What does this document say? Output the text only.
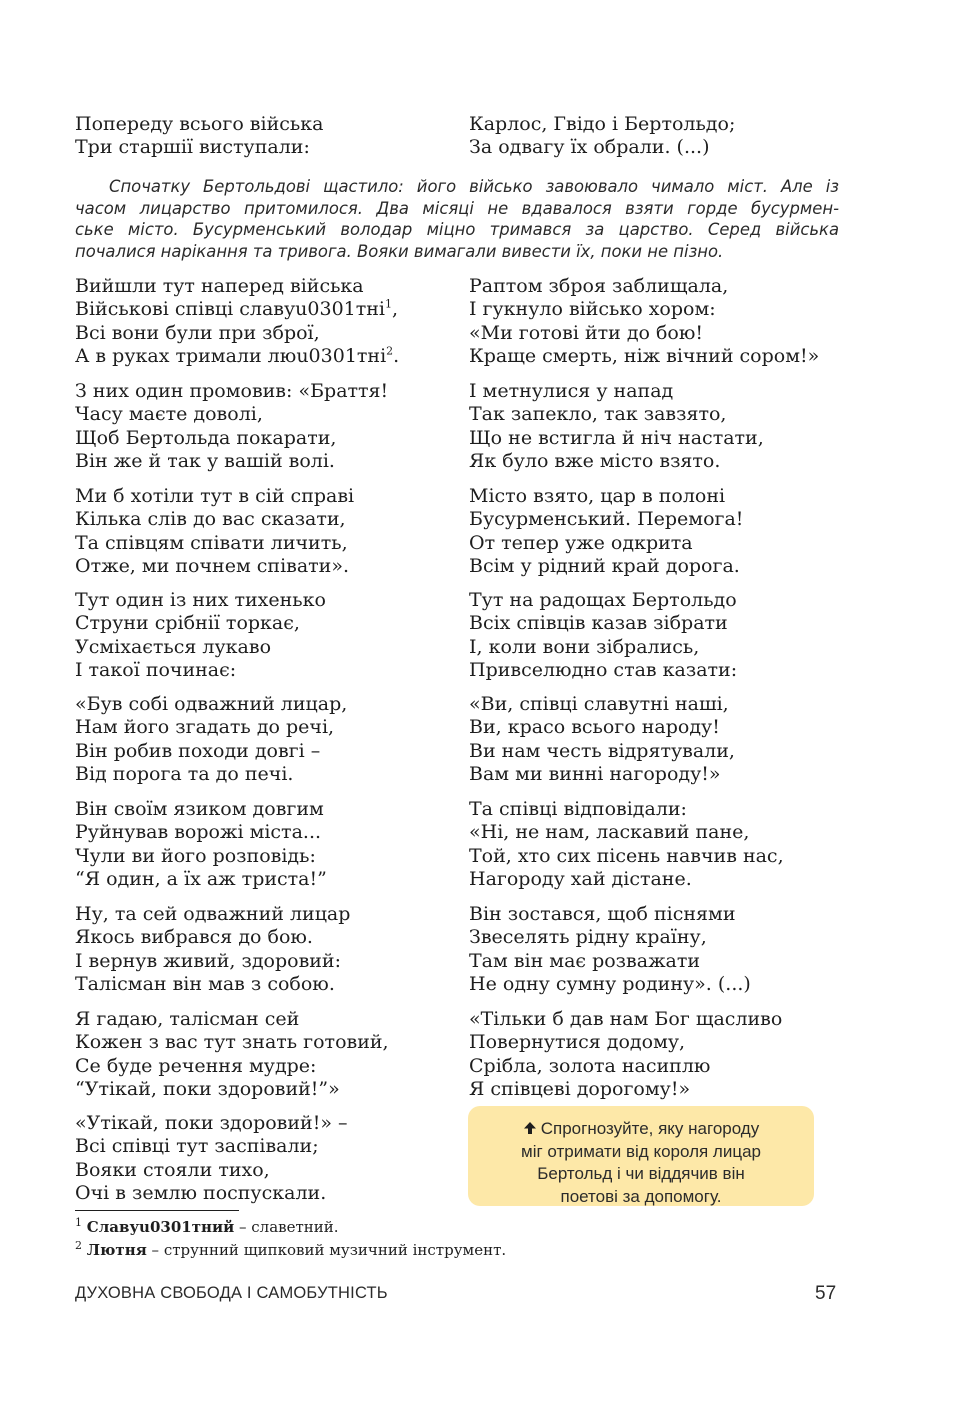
Попереду всього війська
Три старшії виступали:
Карлос, Гвідо і Бертольдо;
За одвагу їх обрали. (...)
Спочатку Бертольдові щастило: його військо завоювало чимало міст. Але із
часом лицарство притомилося. Два місяці не вдавалося взяти горде бусурмен-
ське місто. Бусурменський володар міцно тримався за царство. Серед війська
почалися нарікання та тривога. Вояки вимагали вивести їх, поки не пізно.
Вийшли тут наперед війська
Військові співці славу u0301	тні$^1$,
Всі вони були при зброї,
А в руках тримали лю u0301	тні$^2$.
З них один промовив: «Браття!
Часу маєте доволі,
Щоб Бертольда покарати,
Він же й так у вашій волі.
Ми б хотіли тут в сій справі
Кілька слів до вас сказати,
Та співцям співати личить,
Отже, ми почнем співати».
Тут один із них тихенько
Струни срібнії торкає,
Усміхається лукаво
І такої починає:
«Був собі одважний лицар,
Нам його згадать до речі,
Він робив походи довгі –
Від порога та до печі.
Він своїм язиком довгим
Руйнував ворожі міста...
Чули ви його розповідь:
“Я один, а їх аж триста!”
Ну, та сей одважний лицар
Якось вибрався до бою.
І вернув живий, здоровий:
Талісман він мав з собою.
Я гадаю, талісман сей
Кожен з вас тут знать готовий,
Се буде речення мудре:
“Утікай, поки здоровий!”»
«Утікай, поки здоровий!» –
Всі співці тут заспівали;
Вояки стояли тихо,
Очі в землю поспускали.
Раптом зброя заблищала,
І гукнуло військо хором:
«Ми готові йти до бою!
Краще смерть, ніж вічний сором!»
І метнулися у напад
Так запекло, так завзято,
Що не встигла й ніч настати,
Як було вже місто взято.
Місто взято, цар в полоні
Бусурменський. Перемога!
От тепер уже одкрита
Всім у рідний край дорога.
Тут на радощах Бертольдо
Всіх співців казав зібрати
І, коли вони зібрались,
Привселюдно став казати:
«Ви, співці славутні наші,
Ви, красо всього народу!
Ви нам честь відрятували,
Вам ми винні нагороду!»
Та співці відповідали:
«Ні, не нам, ласкавий пане,
Той, хто сих пісень навчив нас,
Нагороду хай дістане.
Він зостався, щоб піснями
Звеселять рідну країну,
Там він має розважати
Не одну сумну родину». (...)
«Тільки б дав нам Бог щасливо
Повернутися додому,
Срібла, золота насиплю
Я співцеві дорогому!»
Спрогнозуйте, яку нагороду
міг отримати від короля лицар
Бертольд і чи віддячив він
поетові за допомогу.
$^1$ Славу u0301	тний – славетний.
$^2$ Лютня – струнний щипковий музичний інструмент.
ДУХОВНА СВОБОДА І САМОБУТНІСТЬ	57
